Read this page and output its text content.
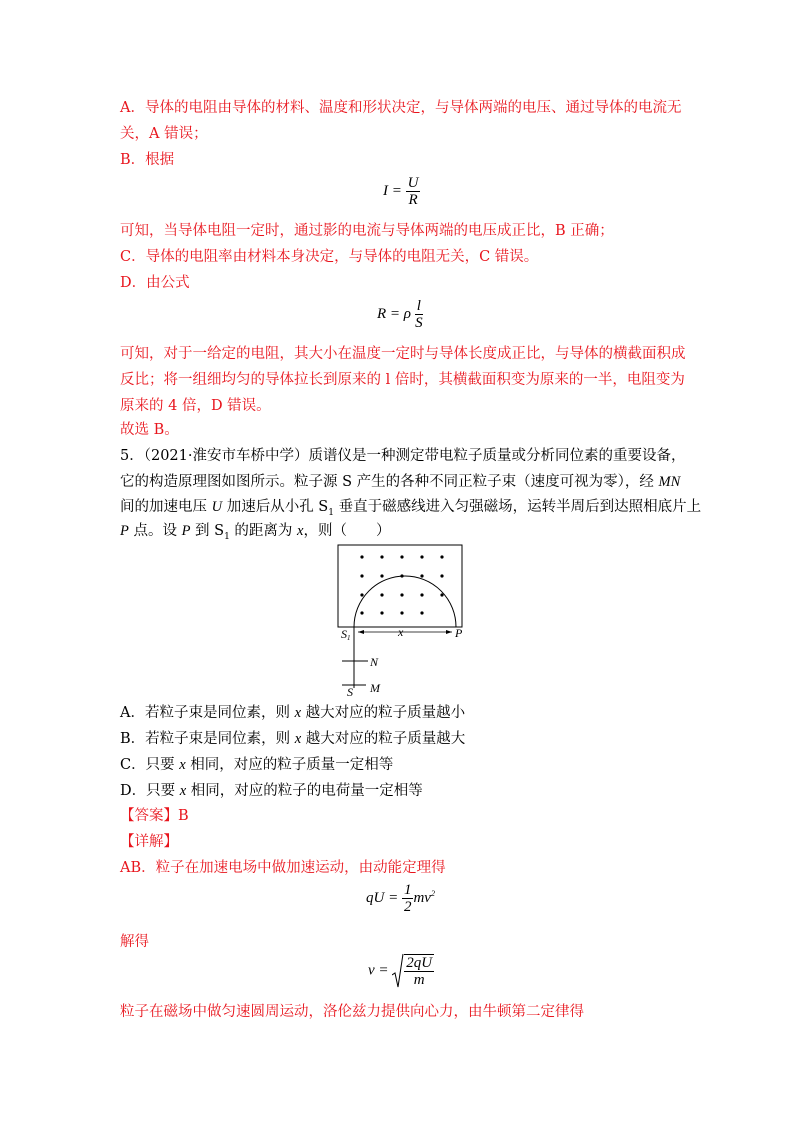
A．导体的电阻由导体的材料、温度和形状决定，与导体两端的电压、通过导体的电流无
关，A 错误；
B．根据
$I = \frac{U}{R}$
可知，当导体电阻一定时，通过影的电流与导体两端的电压成正比，B 正确；
C．导体的电阻率由材料本身决定，与导体的电阻无关，C 错误。
D．由公式
R = ρ $\frac{l}{S}$
可知，对于一给定的电阻，其大小在温度一定时与导体长度成正比，与导体的横截面积成
反比；将一组细均匀的导体拉长到原来的 l 倍时，其横截面积变为原来的一半，电阻变为
原来的 4 倍，D 错误。
故选 B。
5．（2021·淮安市车桥中学）质谱仪是一种测定带电粒子质量或分析同位素的重要设备，
它的构造原理图如图所示。粒子源 S 产生的各种不同正粒子束（速度可视为零），经 MN
间的加速电压 U 加速后从小孔 $S_1$ 垂直于磁感线进入匀强磁场，运转半周后到达照相底片上
P 点。设 P 到 $S_1$ 的距离为 x，则（　　）
S1	x	P
N
S M
A．若粒子束是同位素，则 x 越大对应的粒子质量越小
B．若粒子束是同位素，则 x 越大对应的粒子质量越大
C．只要 x 相同，对应的粒子质量一定相等
D．只要 x 相同，对应的粒子的电荷量一定相等
【答案】B
【详解】
AB．粒子在加速电场中做加速运动，由动能定理得
qU = $\frac{1}{2} mv^2$
解得
$v = \frac{2qU}{m}$
粒子在磁场中做匀速圆周运动，洛伦兹力提供向心力，由牛顿第二定律得
